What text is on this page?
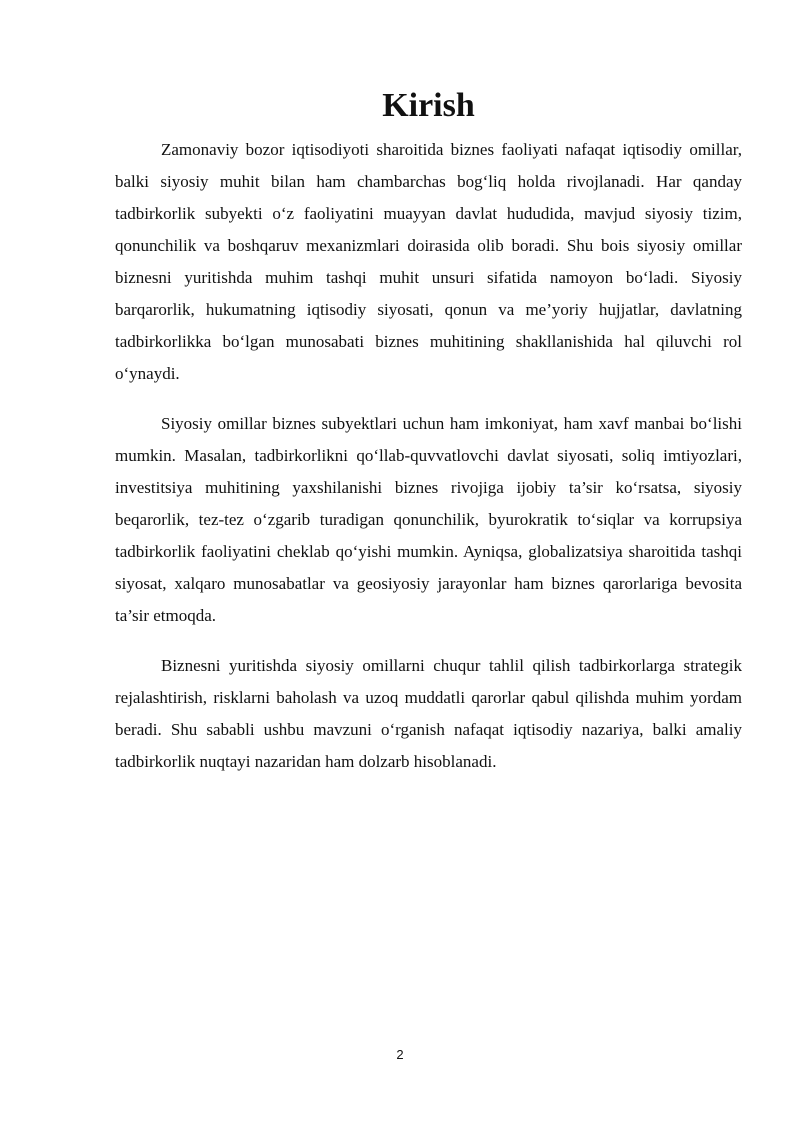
Kirish

Zamonaviy bozor iqtisodiyoti sharoitida biznes faoliyati nafaqat iqtisodiy omillar, balki siyosiy muhit bilan ham chambarchas bog‘liq holda rivojlanadi. Har qanday tadbirkorlik subyekti o‘z faoliyatini muayyan davlat hududida, mavjud siyosiy tizim, qonunchilik va boshqaruv mexanizmlari doirasida olib boradi. Shu bois siyosiy omillar biznesni yuritishda muhim tashqi muhit unsuri sifatida namoyon bo‘ladi. Siyosiy barqarorlik, hukumatning iqtisodiy siyosati, qonun va me’yoriy hujjatlar, davlatning tadbirkorlikka bo‘lgan munosabati biznes muhitining shakllanishida hal qiluvchi rol o‘ynaydi.

Siyosiy omillar biznes subyektlari uchun ham imkoniyat, ham xavf manbai bo‘lishi mumkin. Masalan, tadbirkorlikni qo‘llab-quvvatlovchi davlat siyosati, soliq imtiyozlari, investitsiya muhitining yaxshilanishi biznes rivojiga ijobiy ta’sir ko‘rsatsa, siyosiy beqarorlik, tez-tez o‘zgarib turadigan qonunchilik, byurokratik to‘siqlar va korrupsiya tadbirkorlik faoliyatini cheklab qo‘yishi mumkin. Ayniqsa, globalizatsiya sharoitida tashqi siyosat, xalqaro munosabatlar va geosiyosiy jarayonlar ham biznes qarorlariga bevosita ta’sir etmoqda.

Biznesni yuritishda siyosiy omillarni chuqur tahlil qilish tadbirkorlarga strategik rejalashtirish, risklarni baholash va uzoq muddatli qarorlar qabul qilishda muhim yordam beradi. Shu sababli ushbu mavzuni o‘rganish nafaqat iqtisodiy nazariya, balki amaliy tadbirkorlik nuqtayi nazaridan ham dolzarb hisoblanadi.

2
